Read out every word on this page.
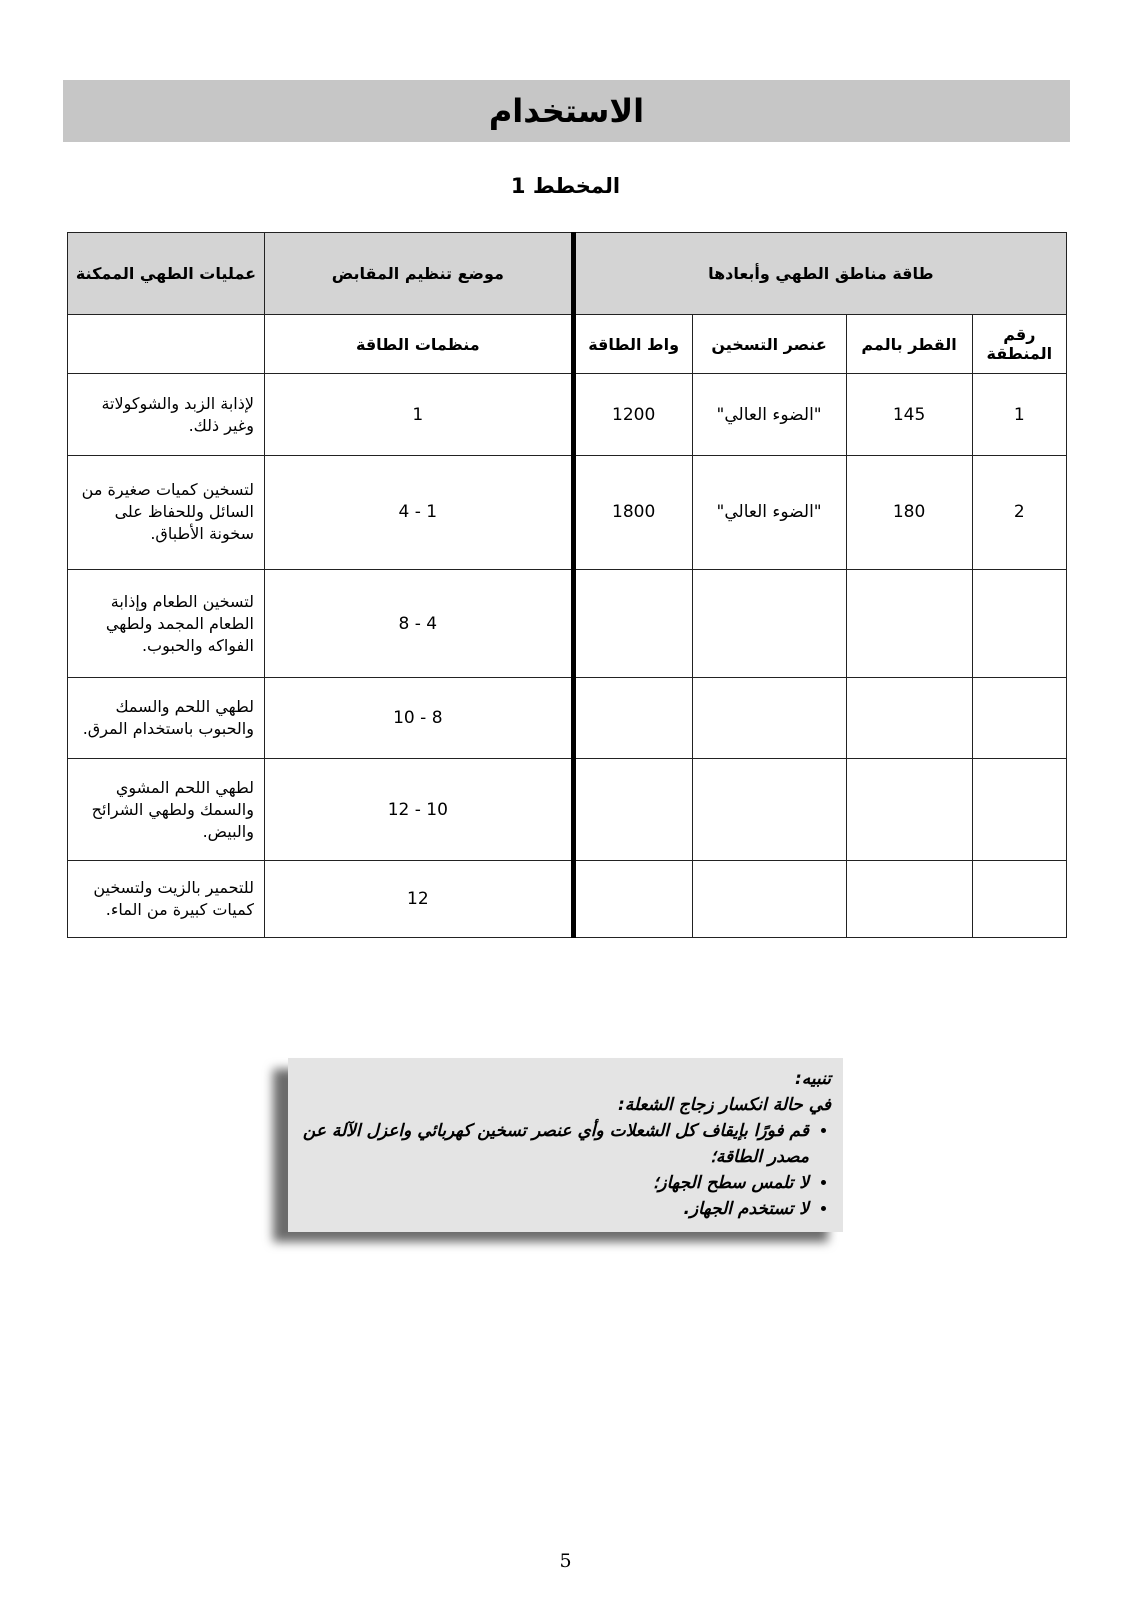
الاستخدام
المخطط 1
طاقة مناطق الطهي وأبعادها				موضع تنظيم المقابض	عمليات الطهي الممكنة
رقم المنطقة	القطر بالمم	عنصر التسخين	واط الطاقة	منظمات الطاقة	
1	145	"الضوء العالي"	1200	1	لإذابة الزبد والشوكولاتة وغير ذلك.
2	180	"الضوء العالي"	1800	1 - 4	لتسخين كميات صغيرة من السائل وللحفاظ على سخونة الأطباق.
				4 - 8	لتسخين الطعام وإذابة الطعام المجمد ولطهي الفواكه والحبوب.
				8 - 10	لطهي اللحم والسمك والحبوب باستخدام المرق.
				10 - 12	لطهي اللحم المشوي والسمك ولطهي الشرائح والبيض.
				12	للتحمير بالزيت ولتسخين كميات كبيرة من الماء.
تنبيه:
في حالة انكسار زجاج الشعلة:
• قم فورًا بإيقاف كل الشعلات وأي عنصر تسخين كهربائي واعزل الآلة عن مصدر الطاقة؛
• لا تلمس سطح الجهاز؛
• لا تستخدم الجهاز.
5
